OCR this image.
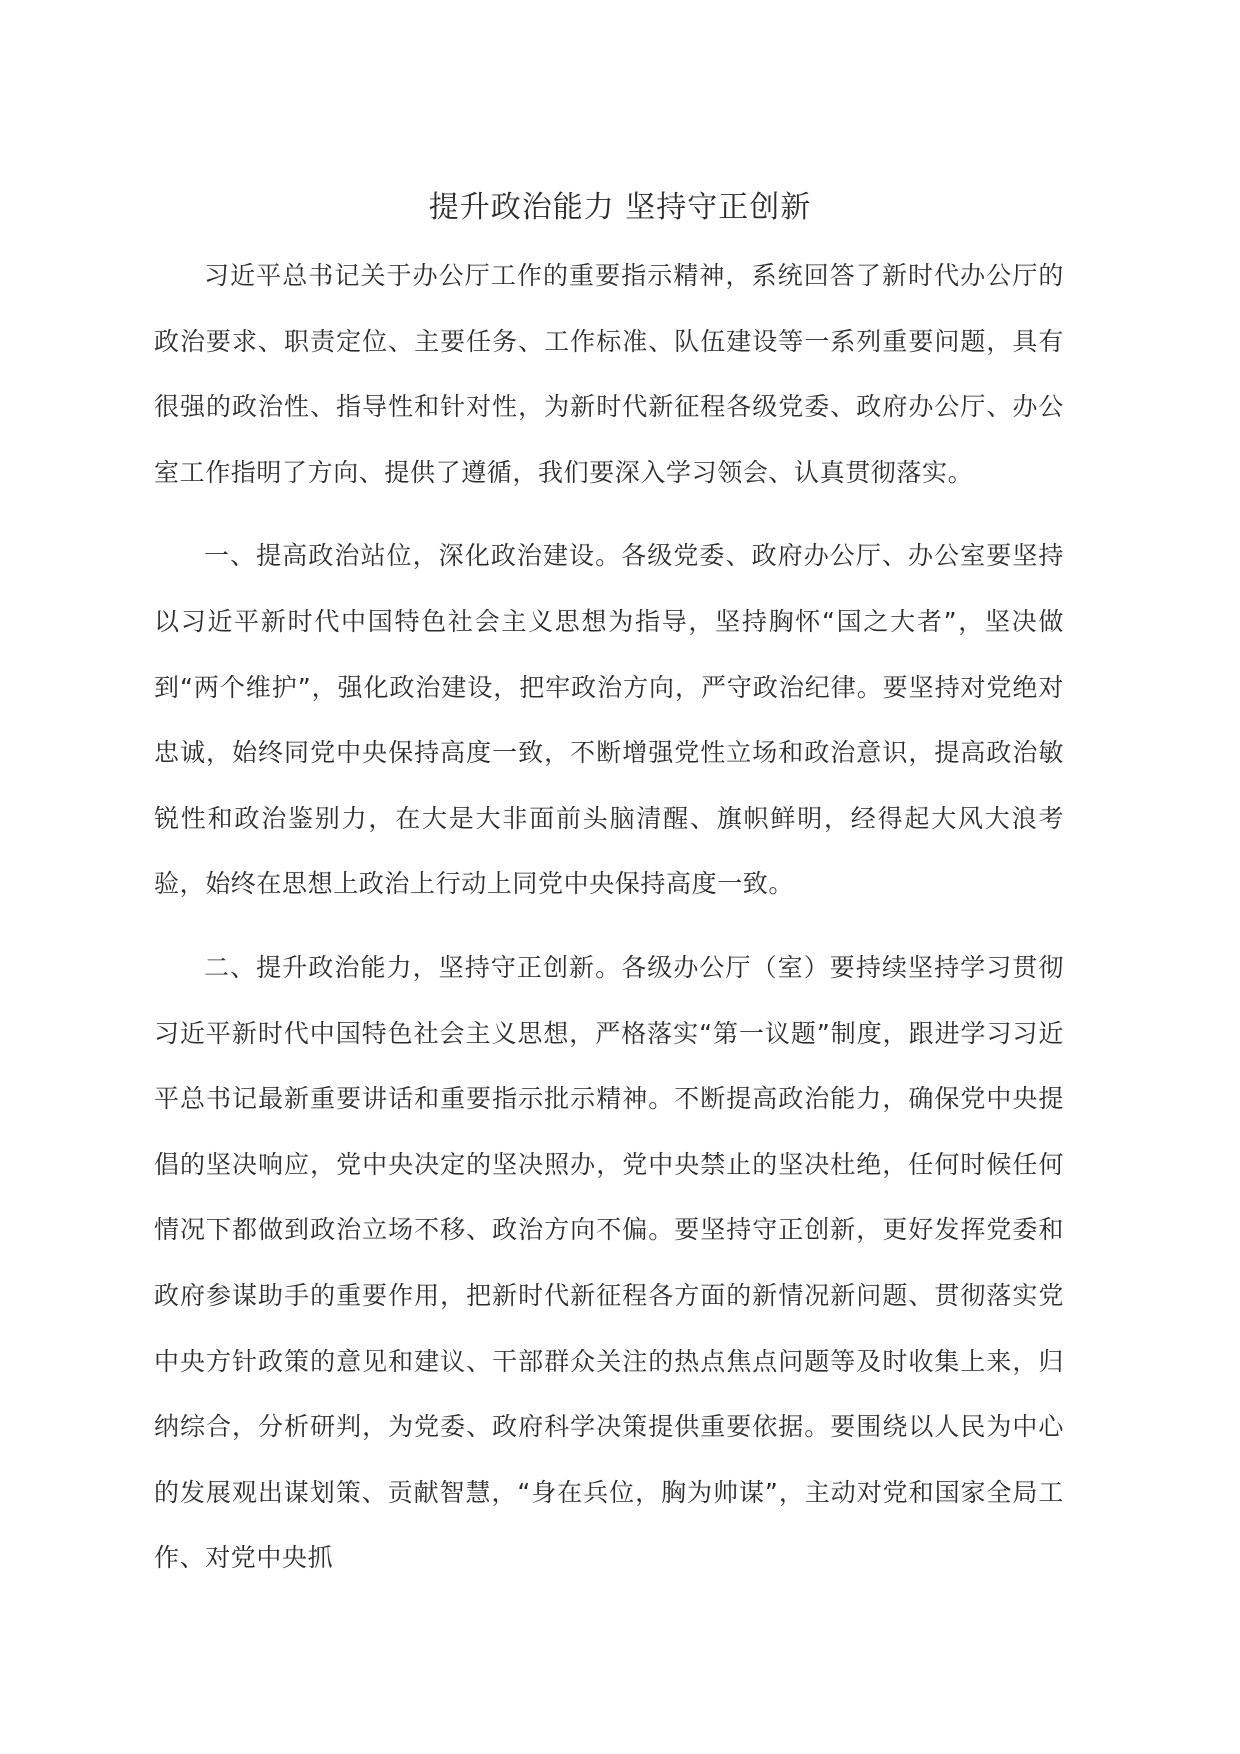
提升政治能力 坚持守正创新

习近平总书记关于办公厅工作的重要指示精神，系统回答了新时代办公厅的政治要求、职责定位、主要任务、工作标准、队伍建设等一系列重要问题，具有很强的政治性、指导性和针对性，为新时代新征程各级党委、政府办公厅、办公室工作指明了方向、提供了遵循，我们要深入学习领会、认真贯彻落实。

一、提高政治站位，深化政治建设。各级党委、政府办公厅、办公室要坚持以习近平新时代中国特色社会主义思想为指导，坚持胸怀“国之大者”，坚决做到“两个维护”，强化政治建设，把牢政治方向，严守政治纪律。要坚持对党绝对忠诚，始终同党中央保持高度一致，不断增强党性立场和政治意识，提高政治敏锐性和政治鉴别力，在大是大非面前头脑清醒、旗帜鲜明，经得起大风大浪考验，始终在思想上政治上行动上同党中央保持高度一致。

二、提升政治能力，坚持守正创新。各级办公厅（室）要持续坚持学习贯彻习近平新时代中国特色社会主义思想，严格落实“第一议题”制度，跟进学习习近平总书记最新重要讲话和重要指示批示精神。不断提高政治能力，确保党中央提倡的坚决响应，党中央决定的坚决照办，党中央禁止的坚决杜绝，任何时候任何情况下都做到政治立场不移、政治方向不偏。要坚持守正创新，更好发挥党委和政府参谋助手的重要作用，把新时代新征程各方面的新情况新问题、贯彻落实党中央方针政策的意见和建议、干部群众关注的热点焦点问题等及时收集上来，归纳综合，分析研判，为党委、政府科学决策提供重要依据。要围绕以人民为中心的发展观出谋划策、贡献智慧，“身在兵位，胸为帅谋”，主动对党和国家全局工作、对党中央抓
